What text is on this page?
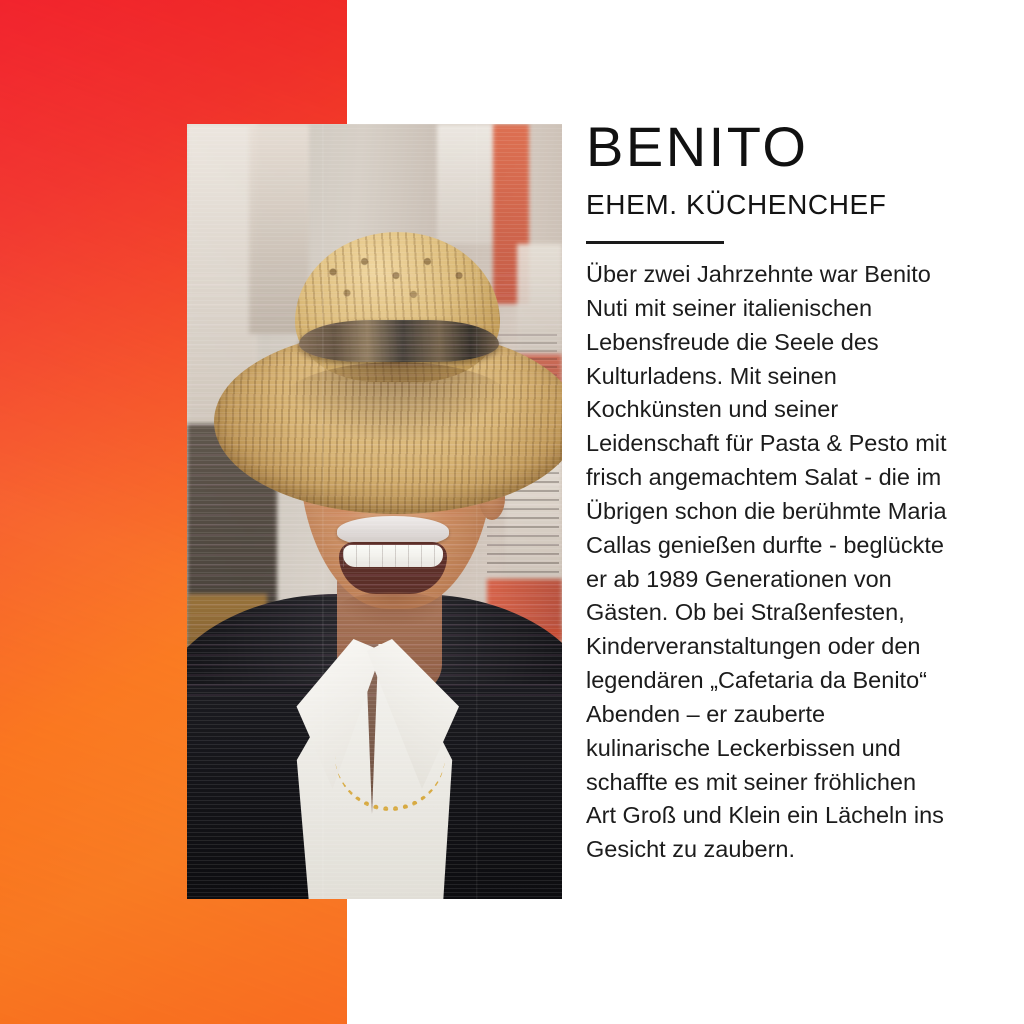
BENITO
EHEM. KÜCHENCHEF

Über zwei Jahrzehnte war Benito Nuti mit seiner italienischen Lebensfreude die Seele des Kulturladens. Mit seinen Kochkünsten und seiner Leidenschaft für Pasta & Pesto mit frisch angemachtem Salat - die im Übrigen schon die berühmte Maria Callas genießen durfte - beglückte er ab 1989 Generationen von Gästen. Ob bei Straßenfesten, Kinderveranstaltungen oder den legendären „Cafetaria da Benito“ Abenden – er zauberte kulinarische Leckerbissen und schaffte es mit seiner fröhlichen Art Groß und Klein ein Lächeln ins Gesicht zu zaubern.
